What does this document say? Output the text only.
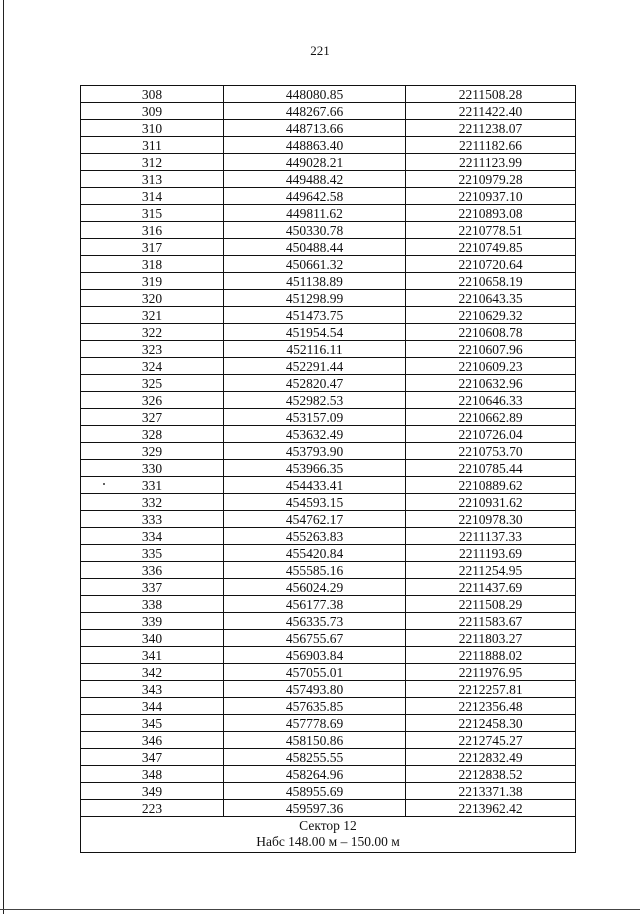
221
308	448080.85	2211508.28
309	448267.66	2211422.40
310	448713.66	2211238.07
311	448863.40	2211182.66
312	449028.21	2211123.99
313	449488.42	2210979.28
314	449642.58	2210937.10
315	449811.62	2210893.08
316	450330.78	2210778.51
317	450488.44	2210749.85
318	450661.32	2210720.64
319	451138.89	2210658.19
320	451298.99	2210643.35
321	451473.75	2210629.32
322	451954.54	2210608.78
323	452116.11	2210607.96
324	452291.44	2210609.23
325	452820.47	2210632.96
326	452982.53	2210646.33
327	453157.09	2210662.89
328	453632.49	2210726.04
329	453793.90	2210753.70
330	453966.35	2210785.44
331	454433.41	2210889.62
332	454593.15	2210931.62
333	454762.17	2210978.30
334	455263.83	2211137.33
335	455420.84	2211193.69
336	455585.16	2211254.95
337	456024.29	2211437.69
338	456177.38	2211508.29
339	456335.73	2211583.67
340	456755.67	2211803.27
341	456903.84	2211888.02
342	457055.01	2211976.95
343	457493.80	2212257.81
344	457635.85	2212356.48
345	457778.69	2212458.30
346	458150.86	2212745.27
347	458255.55	2212832.49
348	458264.96	2212838.52
349	458955.69	2213371.38
223	459597.36	2213962.42

Сектор 12
Набс 148.00 м – 150.00 м		
